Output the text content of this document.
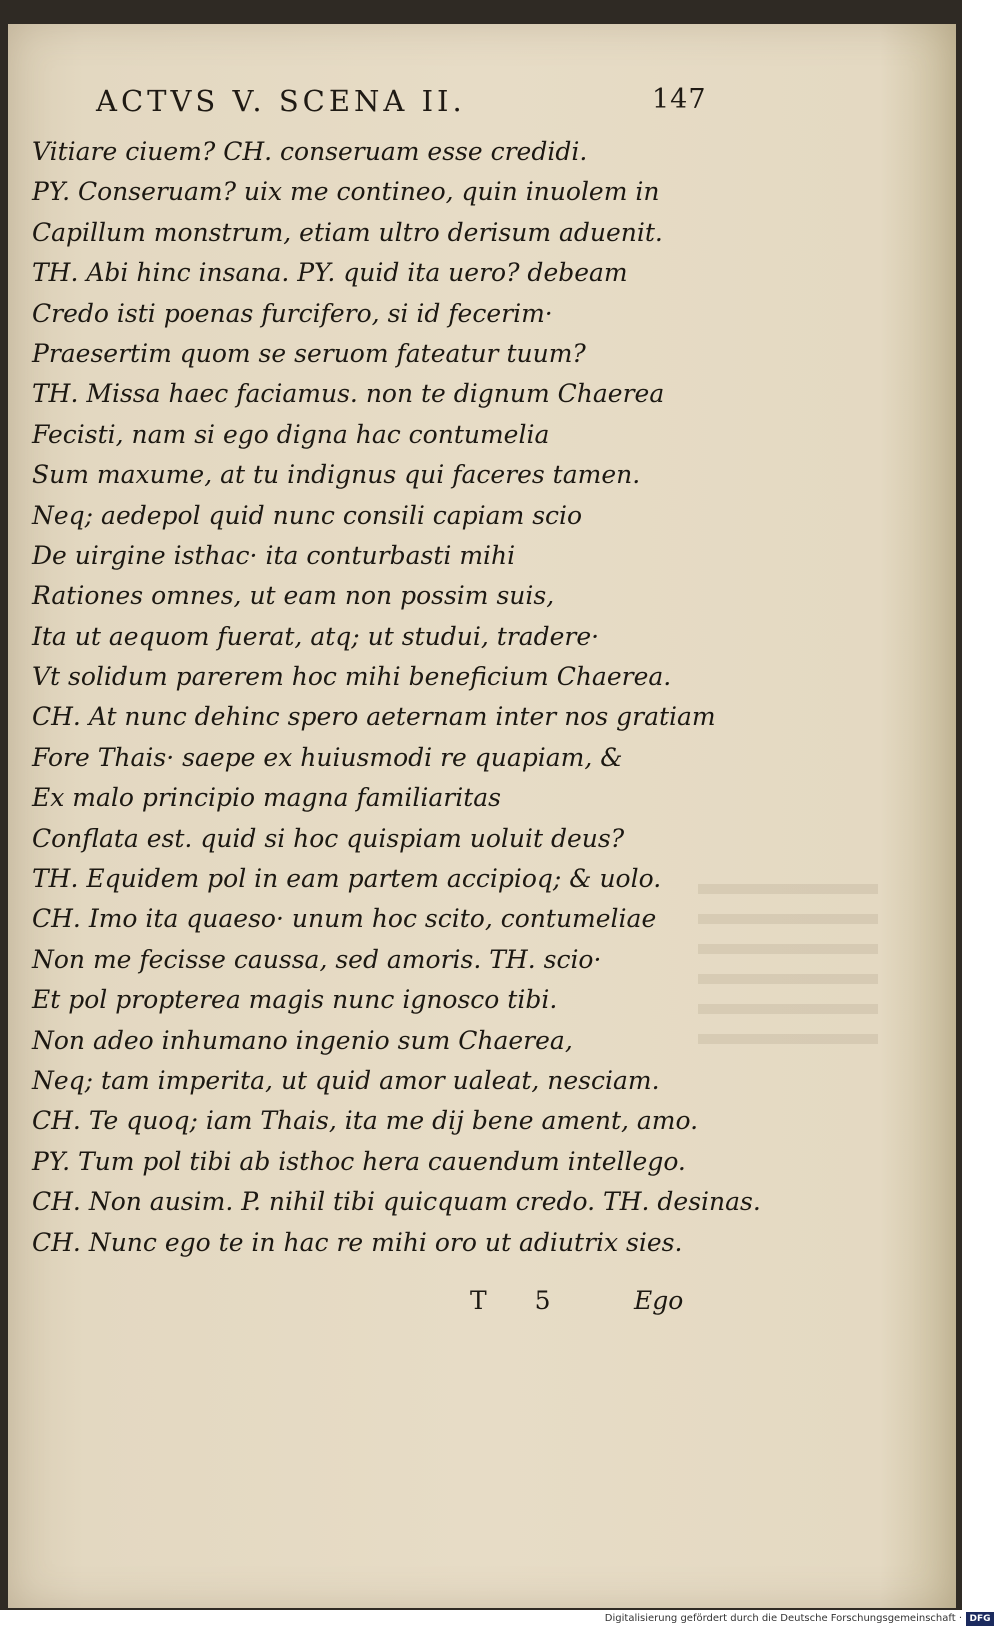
ACTVS V. SCENA II.	147
Vitiare ciuem? CH. conseruam esse credidi.
PY. Conseruam? uix me contineo, quin inuolem in
Capillum monstrum, etiam ultro derisum aduenit.
TH. Abi hinc insana. PY. quid ita uero? debeam
Credo isti poenas furcifero, si id fecerim·
Praesertim quom se seruom fateatur tuum?
TH. Missa haec faciamus. non te dignum Chaerea
Fecisti, nam si ego digna hac contumelia
Sum maxume, at tu indignus qui faceres tamen.
Neq; aedepol quid nunc consili capiam scio
De uirgine isthac· ita conturbasti mihi
Rationes omnes, ut eam non possim suis,
Ita ut aequom fuerat, atq; ut studui, tradere·
Vt solidum parerem hoc mihi beneficium Chaerea.
CH. At nunc dehinc spero aeternam inter nos gratiam
Fore Thais· saepe ex huiusmodi re quapiam, &
Ex malo principio magna familiaritas
Conflata est. quid si hoc quispiam uoluit deus?
TH. Equidem pol in eam partem accipioq; & uolo.
CH. Imo ita quaeso· unum hoc scito, contumeliae
Non me fecisse caussa, sed amoris. TH. scio·
Et pol propterea magis nunc ignosco tibi.
Non adeo inhumano ingenio sum Chaerea,
Neq; tam imperita, ut quid amor ualeat, nesciam.
CH. Te quoq; iam Thais, ita me dij bene ament, amo.
PY. Tum pol tibi ab isthoc hera cauendum intellego.
CH. Non ausim. P. nihil tibi quicquam credo. TH. desinas.
CH. Nunc ego te in hac re mihi oro ut adiutrix sies.
T 5	Ego
Digitalisierung gefördert durch die Deutsche Forschungsgemeinschaft · DFG
